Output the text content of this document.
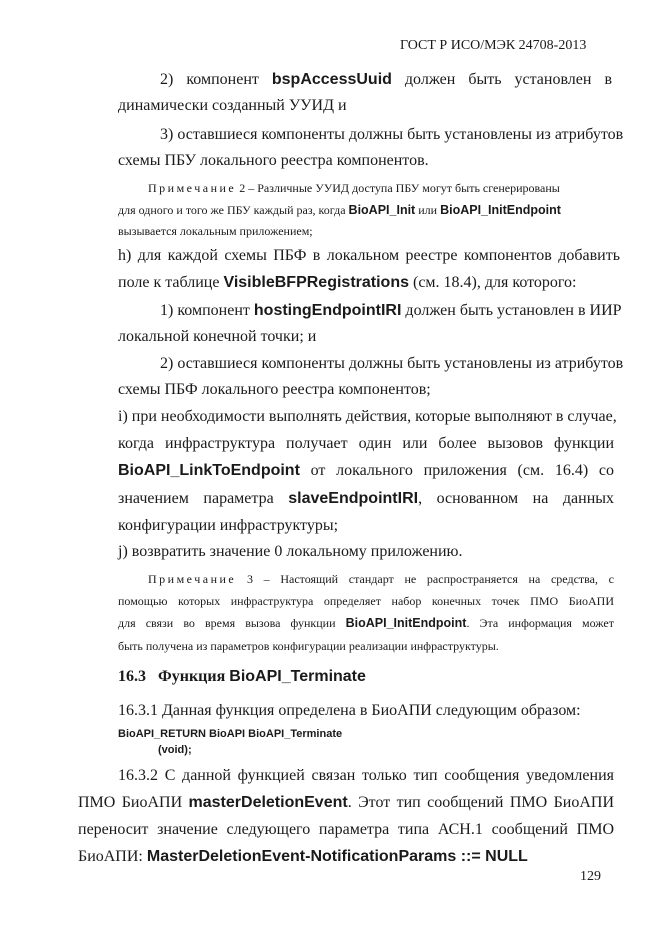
ГОСТ Р ИСО/МЭК 24708-2013
2) компонент bspAccessUuid должен быть установлен в
динамически созданный УУИД и
3) оставшиеся компоненты должны быть установлены из атрибутов
схемы ПБУ локального реестра компонентов.
Примечание 2 – Различные УУИД доступа ПБУ могут быть сгенерированы
для одного и того же ПБУ каждый раз, когда BioAPI_Init или BioAPI_InitEndpoint
вызывается локальным приложением;
h) для каждой схемы ПБФ в локальном реестре компонентов добавить
поле к таблице VisibleBFPRegistrations (см. 18.4), для которого:
1) компонент hostingEndpointIRI должен быть установлен в ИИР
локальной конечной точки; и
2) оставшиеся компоненты должны быть установлены из атрибутов
схемы ПБФ локального реестра компонентов;
i) при необходимости выполнять действия, которые выполняют в случае,
когда инфраструктура получает один или более вызовов функции
BioAPI_LinkToEndpoint от локального приложения (см. 16.4) со
значением параметра slaveEndpointIRI, основанном на данных
конфигурации инфраструктуры;
j) возвратить значение 0 локальному приложению.
Примечание 3 – Настоящий стандарт не распространяется на средства, с
помощью которых инфраструктура определяет набор конечных точек ПМО БиоАПИ
для связи во время вызова функции BioAPI_InitEndpoint. Эта информация может
быть получена из параметров конфигурации реализации инфраструктуры.
16.3 Функция BioAPI_Terminate
16.3.1 Данная функция определена в БиоАПИ следующим образом:
BioAPI_RETURN BioAPI BioAPI_Terminate
(void);
16.3.2 С данной функцией связан только тип сообщения уведомления
ПМО БиоАПИ masterDeletionEvent. Этот тип сообщений ПМО БиоАПИ
переносит значение следующего параметра типа АСН.1 сообщений ПМО
БиоАПИ: MasterDeletionEvent-NotificationParams ::= NULL
129
